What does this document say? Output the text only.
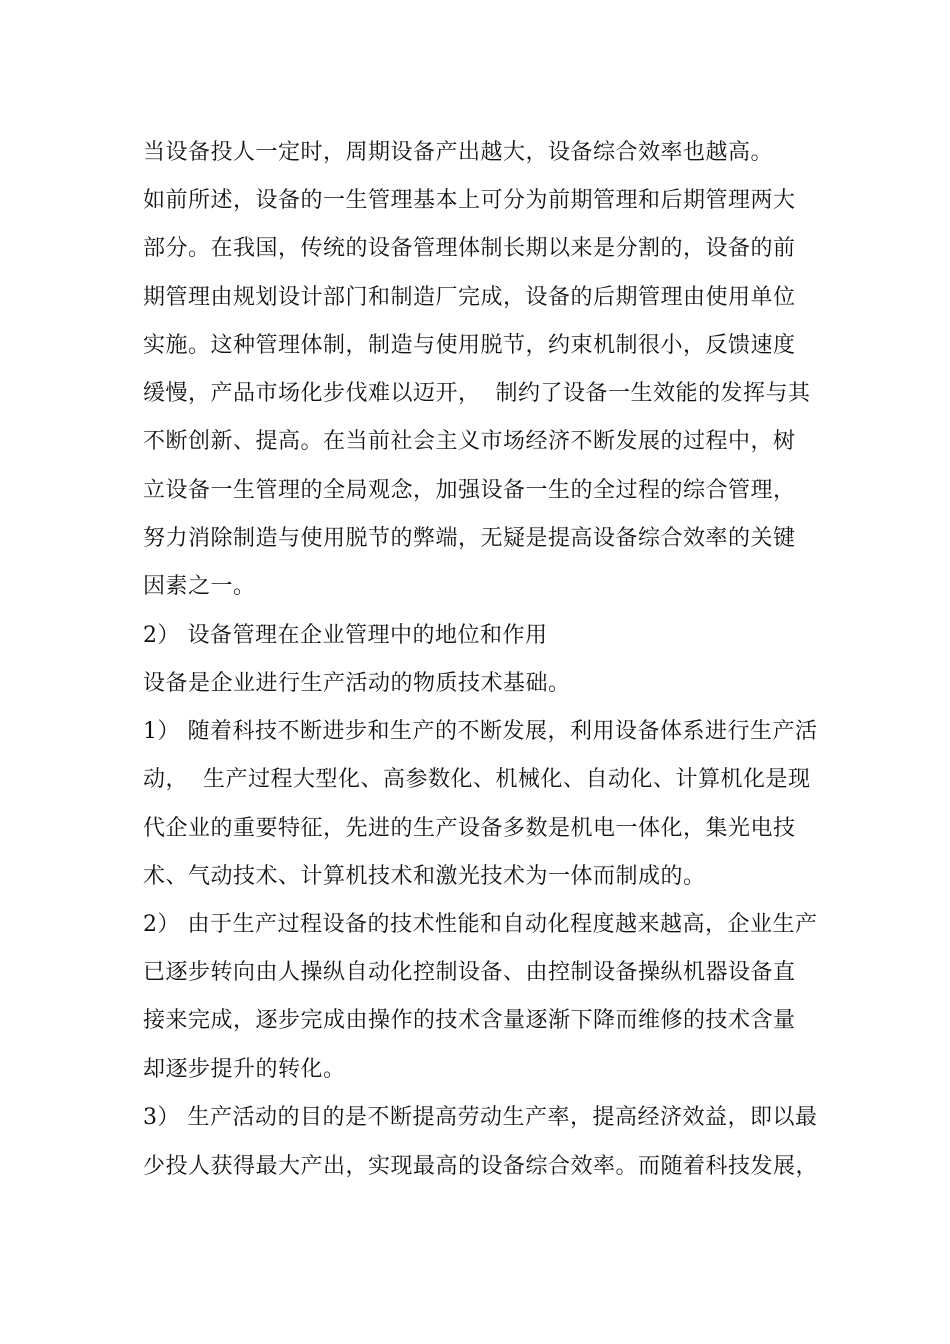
当设备投人一定时，周期设备产出越大，设备综合效率也越高。
如前所述，设备的一生管理基本上可分为前期管理和后期管理两大
部分。在我国，传统的设备管理体制长期以来是分割的，设备的前
期管理由规划设计部门和制造厂完成，设备的后期管理由使用单位
实施。这种管理体制，制造与使用脱节，约束机制很小，反馈速度
缓慢，产品市场化步伐难以迈开，  制约了设备一生效能的发挥与其
不断创新、提高。在当前社会主义市场经济不断发展的过程中，树
立设备一生管理的全局观念，加强设备一生的全过程的综合管理，
努力消除制造与使用脱节的弊端，无疑是提高设备综合效率的关键
因素之一。
2） 设备管理在企业管理中的地位和作用
设备是企业进行生产活动的物质技术基础。
1） 随着科技不断进步和生产的不断发展，利用设备体系进行生产活
动，  生产过程大型化、高参数化、机械化、自动化、计算机化是现
代企业的重要特征，先进的生产设备多数是机电一体化，集光电技
术、气动技术、计算机技术和激光技术为一体而制成的。
2） 由于生产过程设备的技术性能和自动化程度越来越高，企业生产
已逐步转向由人操纵自动化控制设备、由控制设备操纵机器设备直
接来完成，逐步完成由操作的技术含量逐渐下降而维修的技术含量
却逐步提升的转化。
3） 生产活动的目的是不断提高劳动生产率，提高经济效益，即以最
少投人获得最大产出，实现最高的设备综合效率。而随着科技发展，
